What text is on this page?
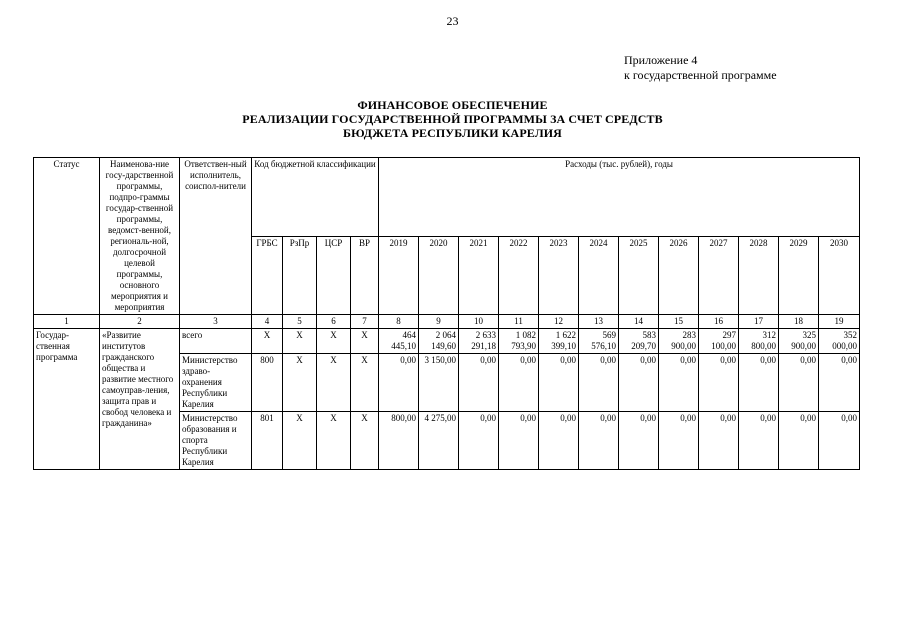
23
Приложение 4
к государственной программе
ФИНАНСОВОЕ ОБЕСПЕЧЕНИЕ
РЕАЛИЗАЦИИ ГОСУДАРСТВЕННОЙ ПРОГРАММЫ ЗА СЧЕТ СРЕДСТВ
БЮДЖЕТА РЕСПУБЛИКИ КАРЕЛИЯ
Статус	Наименова-ние госу-дарственной программы, подпро-граммы государ-ственной программы, ведомст-венной, региональ-ной, долгосрочной целевой программы, основного мероприятия и мероприятия	Ответствен-ный исполнитель, соиспол-нители	Код бюджетной классификации				Расходы (тыс. рублей), годы											
			ГРБС	РзПр	ЦСР	ВР	2019	2020	2021	2022	2023	2024	2025	2026	2027	2028	2029	2030
1	2	3	4	5	6	7	8	9	10	11	12	13	14	15	16	17	18	19
Государ-ственная программа	«Развитие институтов гражданского общества и развитие местного самоуправ-ления, защита прав и свобод человека и гражданина»	всего	Х	Х	Х	Х	464 445,10	2 064 149,60	2 633 291,18	1 082 793,90	1 622 399,10	569 576,10	583 209,70	283 900,00	297 100,00	312 800,00	325 900,00	352 000,00
		Министерство здраво-охранения Республики Карелия	800	Х	Х	Х	0,00	3 150,00	0,00	0,00	0,00	0,00	0,00	0,00	0,00	0,00	0,00	0,00
		Министерство образования и спорта Республики Карелия	801	Х	Х	Х	800,00	4 275,00	0,00	0,00	0,00	0,00	0,00	0,00	0,00	0,00	0,00	0,00
